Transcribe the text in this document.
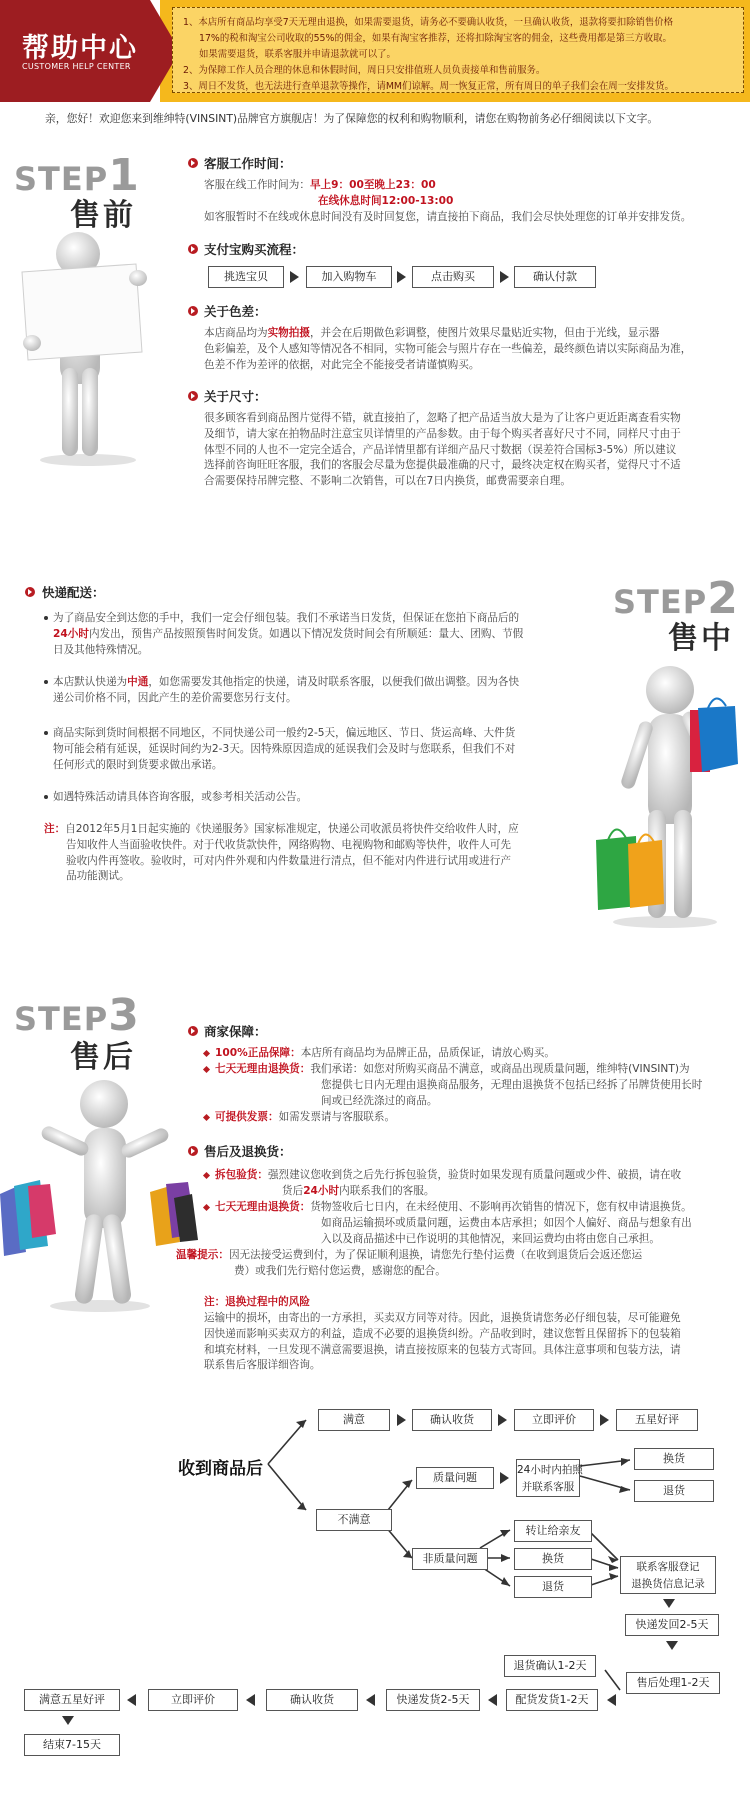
帮助中心
CUSTOMER HELP CENTER
1、本店所有商品均享受7天无理由退换，如果需要退货，请务必不要确认收货，一旦确认收货，退款将要扣除销售价格
17%的税和淘宝公司收取的55%的佣金，如果有淘宝客推荐，还将扣除淘宝客的佣金，这些费用都是第三方收取。
如果需要退货，联系客服并申请退款就可以了。
2、为保障工作人员合理的休息和休假时间，周日只安排值班人员负责接单和售前服务。
3、周日不发货，也无法进行查单退款等操作，请MM们谅解。周一恢复正常，所有周日的单子我们会在周一安排发货。
亲，您好！欢迎您来到维绅特(VINSINT)品牌官方旗舰店！为了保障您的权利和购物顺利，请您在购物前务必仔细阅读以下文字。
STEP1
售前
客服工作时间：
客服在线工作时间为：早上9：00至晚上23：00
在线休息时间12:00-13:00
如客服暂时不在线或休息时间没有及时回复您，请直接拍下商品，我们会尽快处理您的订单并安排发货。
支付宝购买流程：
挑选宝贝	加入购物车	点击购买	确认付款
关于色差：
本店商品均为实物拍摄，并会在后期做色彩调整，使图片效果尽量贴近实物，但由于光线，显示器
色彩偏差，及个人感知等情况各不相同，实物可能会与照片存在一些偏差，最终颜色请以实际商品为准，
色差不作为差评的依据，对此完全不能接受者请谨慎购买。
关于尺寸：
很多顾客看到商品图片觉得不错，就直接拍了，忽略了把产品适当放大是为了让客户更近距离查看实物
及细节，请大家在拍物品时注意宝贝详情里的产品参数。由于每个购买者喜好尺寸不同，同样尺寸由于
体型不同的人也不一定完全适合，产品详情里都有详细产品尺寸数据（误差符合国标3-5%）所以建议
选择前咨询旺旺客服，我们的客服会尽量为您提供最准确的尺寸，最终决定权在购买者，觉得尺寸不适
合需要保持吊牌完整、不影响二次销售，可以在7日内换货，邮费需要亲自理。
快递配送：
为了商品安全到达您的手中，我们一定会仔细包装。我们不承诺当日发货，但保证在您拍下商品后的
24小时内发出，预售产品按照预售时间发货。如遇以下情况发货时间会有所顺延：量大、团购、节假
日及其他特殊情况。
本店默认快递为中通，如您需要发其他指定的快递，请及时联系客服，以便我们做出调整。因为各快
递公司价格不同，因此产生的差价需要您另行支付。
商品实际到货时间根据不同地区，不同快递公司一般约2-5天，偏远地区、节日、货运高峰、大件货
物可能会稍有延误，延误时间约为2-3天。因特殊原因造成的延误我们会及时与您联系，但我们不对
任何形式的限时到货要求做出承诺。
如遇特殊活动请具体咨询客服，或参考相关活动公告。
注：自2012年5月1日起实施的《快递服务》国家标准规定，快递公司收派员将快件交给收件人时，应
告知收件人当面验收快件。对于代收货款快件，网络购物、电视购物和邮购等快件，收件人可先
验收内件再签收。验收时，可对内件外观和内件数量进行清点，但不能对内件进行试用或进行产
品功能测试。
STEP2
售中
STEP3
售后
商家保障：
100%正品保障：本店所有商品均为品牌正品，品质保证，请放心购买。
七天无理由退换货：我们承诺：如您对所购买商品不满意，或商品出现质量问题，维绅特(VINSINT)为
您提供七日内无理由退换商品服务，无理由退换货不包括已经拆了吊牌货使用长时
间或已经洗涤过的商品。
可提供发票：如需发票请与客服联系。
售后及退换货：
拆包验货：强烈建议您收到货之后先行拆包验货，验货时如果发现有质量问题或少件、破损，请在收
货后24小时内联系我们的客服。
七天无理由退换货：货物签收后七日内，在未经使用、不影响再次销售的情况下，您有权申请退换货。
如商品运输损坏或质量问题，运费由本店承担；如因个人偏好、商品与想象有出
入以及商品描述中已作说明的其他情况，来回运费均由将由您自己承担。
温馨提示：因无法接受运费到付，为了保证顺利退换，请您先行垫付运费（在收到退货后会返还您运
费）或我们先行赔付您运费，感谢您的配合。
注：退换过程中的风险
运输中的损坏，由寄出的一方承担，买卖双方同等对待。因此，退换货请您务必仔细包装，尽可能避免
因快递而影响买卖双方的利益，造成不必要的退换货纠纷。产品收到时，建议您暂且保留拆下的包装箱
和填充材料，一旦发现不满意需要退换，请直接按原来的包装方式寄回。具体注意事项和包装方法，请
联系售后客服详细咨询。
收到商品后
满意	确认收货	立即评价	五星好评
质量问题
24小时内拍照
并联系客服
换货
退货
不满意
非质量问题
转让给亲友
换货
退货
联系客服登记
退换货信息记录
快递发回2-5天
售后处理1-2天
退货确认1-2天
配货发货1-2天
快递发货2-5天
确认收货
立即评价
满意五星好评
结束7-15天
